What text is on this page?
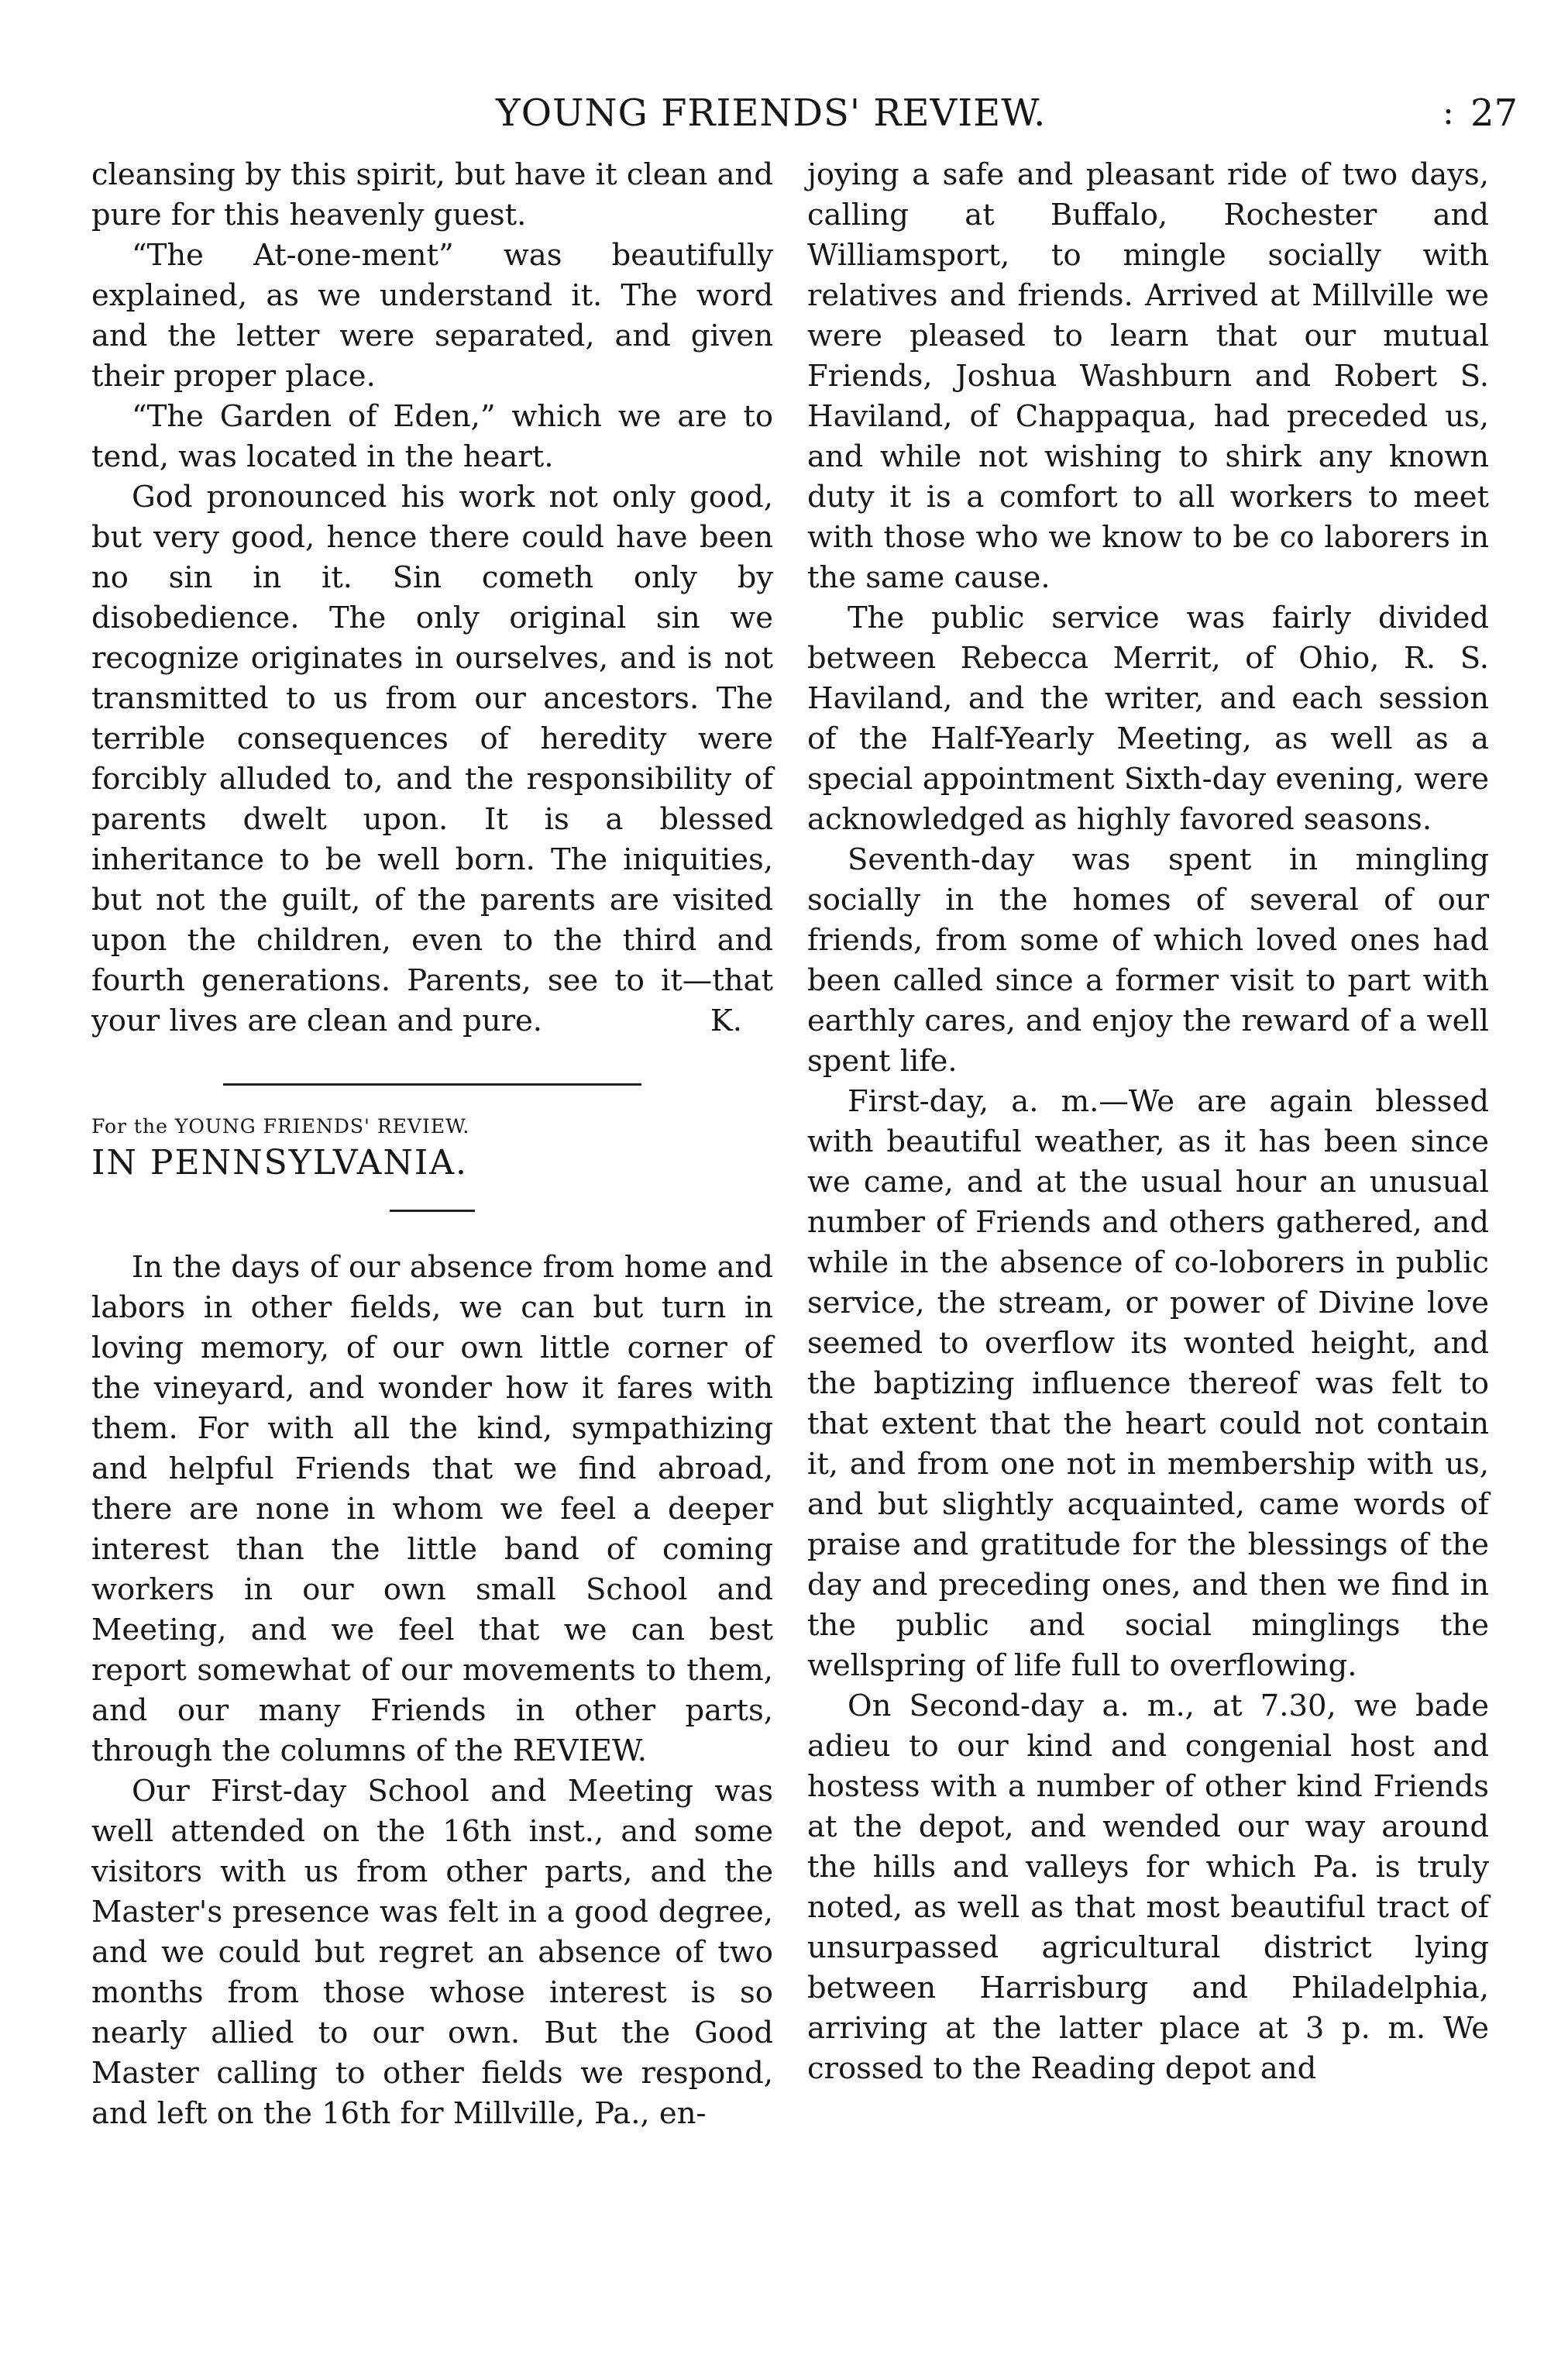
YOUNG FRIENDS' REVIEW.	: 27

cleansing by this spirit, but have it clean and pure for this heavenly guest.

“The At-one-ment” was beautifully explained, as we understand it. The word and the letter were separated, and given their proper place.

“The Garden of Eden,” which we are to tend, was located in the heart.

God pronounced his work not only good, but very good, hence there could have been no sin in it. Sin cometh only by disobedience. The only original sin we recognize originates in ourselves, and is not transmitted to us from our ancestors. The terrible consequences of heredity were forcibly alluded to, and the responsibility of parents dwelt upon. It is a blessed inheritance to be well born. The iniquities, but not the guilt, of the parents are visited upon the children, even to the third and fourth generations. Parents, see to it—that your lives are clean and pure.	K.

For the YOUNG FRIENDS' REVIEW.

IN PENNSYLVANIA.

In the days of our absence from home and labors in other fields, we can but turn in loving memory, of our own little corner of the vineyard, and wonder how it fares with them. For with all the kind, sympathizing and helpful Friends that we find abroad, there are none in whom we feel a deeper interest than the little band of coming workers in our own small School and Meeting, and we feel that we can best report somewhat of our movements to them, and our many Friends in other parts, through the columns of the REVIEW.

Our First-day School and Meeting was well attended on the 16th inst., and some visitors with us from other parts, and the Master's presence was felt in a good degree, and we could but regret an absence of two months from those whose interest is so nearly allied to our own. But the Good Master calling to other fields we respond, and left on the 16th for Millville, Pa., en-

joying a safe and pleasant ride of two days, calling at Buffalo, Rochester and Williamsport, to mingle socially with relatives and friends. Arrived at Millville we were pleased to learn that our mutual Friends, Joshua Washburn and Robert S. Haviland, of Chappaqua, had preceded us, and while not wishing to shirk any known duty it is a comfort to all workers to meet with those who we know to be co laborers in the same cause.

The public service was fairly divided between Rebecca Merrit, of Ohio, R. S. Haviland, and the writer, and each session of the Half-Yearly Meeting, as well as a special appointment Sixth-day evening, were acknowledged as highly favored seasons.

Seventh-day was spent in mingling socially in the homes of several of our friends, from some of which loved ones had been called since a former visit to part with earthly cares, and enjoy the reward of a well spent life.

First-day, a. m.—We are again blessed with beautiful weather, as it has been since we came, and at the usual hour an unusual number of Friends and others gathered, and while in the absence of co-loborers in public service, the stream, or power of Divine love seemed to overflow its wonted height, and the baptizing influence thereof was felt to that extent that the heart could not contain it, and from one not in membership with us, and but slightly acquainted, came words of praise and gratitude for the blessings of the day and preceding ones, and then we find in the public and social minglings the wellspring of life full to overflowing.

On Second-day a. m., at 7.30, we bade adieu to our kind and congenial host and hostess with a number of other kind Friends at the depot, and wended our way around the hills and valleys for which Pa. is truly noted, as well as that most beautiful tract of unsurpassed agricultural district lying between Harrisburg and Philadelphia, arriving at the latter place at 3 p. m. We crossed to the Reading depot and
